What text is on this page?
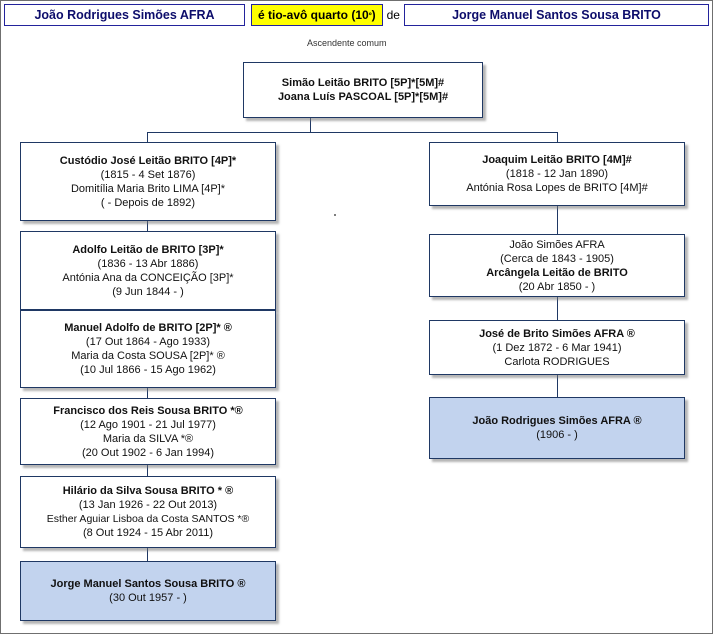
João Rodrigues Simões AFRA	é tio-avô quarto (10 º ) de	Jorge Manuel Santos Sousa BRITO
Ascendente comum
Simão Leitão BRITO [5P]*[5M]#
Joana Luís PASCOAL [5P]*[5M]#
Custódio José Leitão BRITO [4P]*
(1815 - 4 Set 1876)
Domitília Maria Brito LIMA [4P]*
( - Depois de 1892)
Adolfo Leitão de BRITO [3P]*
(1836 - 13 Abr 1886)
Antónia Ana da CONCEIÇÃO [3P]*
(9 Jun 1844 - )
Manuel Adolfo de BRITO [2P]* ®
(17 Out 1864 - Ago 1933)
Maria da Costa SOUSA [2P]* ®
(10 Jul 1866 - 15 Ago 1962)
Francisco dos Reis Sousa BRITO *®
(12 Ago 1901 - 21 Jul 1977)
Maria da SILVA *®
(20 Out 1902 - 6 Jan 1994)
Hilário da Silva Sousa BRITO * ®
(13 Jan 1926 - 22 Out 2013)
Esther Aguiar Lisboa da Costa SANTOS *®
(8 Out 1924 - 15 Abr 2011)
Jorge Manuel Santos Sousa BRITO ®
(30 Out 1957 - )
Joaquim Leitão BRITO [4M]#
(1818 - 12 Jan 1890)
Antónia Rosa Lopes de BRITO [4M]#
João Simões AFRA
(Cerca de 1843 - 1905)
Arcângela Leitão de BRITO
(20 Abr 1850 - )
José de Brito Simões AFRA ®
(1 Dez 1872 - 6 Mar 1941)
Carlota RODRIGUES
João Rodrigues Simões AFRA ®
(1906 - )
